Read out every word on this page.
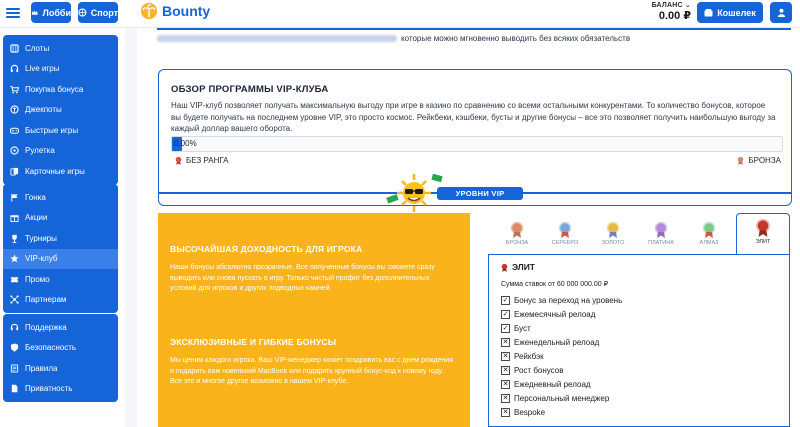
Лобби Спорт	Bounty	БАЛАНС ⌄
0.00 ₽	Кошелек
Слоты
Live игры
Покупка бонуса
Джекпоты
Быстрые игры
Рулетка
Карточные игры
Гонка
Акции
Турниры
VIP-клуб
Промо
Партнерам
Поддержка
Безопасность
Правила
Приватность
которые можно мгновенно выводить без всяких обязательств
ОБЗОР ПРОГРАММЫ VIP-КЛУБА

Наш VIP-клуб позволяет получать максимальную выгоду при игре в казино по сравнению со всеми остальными конкурентами. То количество бонусов, которое вы будете получать на последнем уровне VIP, это просто космос. Рейкбеки, кэшбеки, бусты и другие бонусы – все это позволяет получить наибольшую выгоду за каждый доллар вашего оборота.

0.00%
БЕЗ РАНГА	БРОНЗА
УРОВНИ VIP
ВЫСОЧАЙШАЯ ДОХОДНОСТЬ ДЛЯ ИГРОКА

Наши бонусы абсолютно прозрачные. Все полученные бонусы вы сможете сразу выводить или снова пускать в игру. Только чистый профит без дополнительных условий для игроков и других подводных камней.

ЭКСКЛЮЗИВНЫЕ И ГИБКИЕ БОНУСЫ

Мы ценим каждого игрока. Ваш VIP-менеджер может поздравить вас с днем рождения и подарить вам новенький MacBook или подарить крупный бонус-код к новому году. Все это и многое другое возможно в нашем VIP-клубе.

БРОНЗА	СЕРЕБРО	ЗОЛОТО	ПЛАТИНА	АЛМАЗ	ЭЛИТ
ЭЛИТ
Сумма ставок от 60 000 000.00 ₽
✓ Бонус за переход на уровень
✓ Ежемесячный релоад
✓ Буст
✕ Еженедельный релоад
✕ Рейкбэк
✕ Рост бонусов
✕ Ежедневный релоад
✕ Персональный менеджер
✕ Bespoke
